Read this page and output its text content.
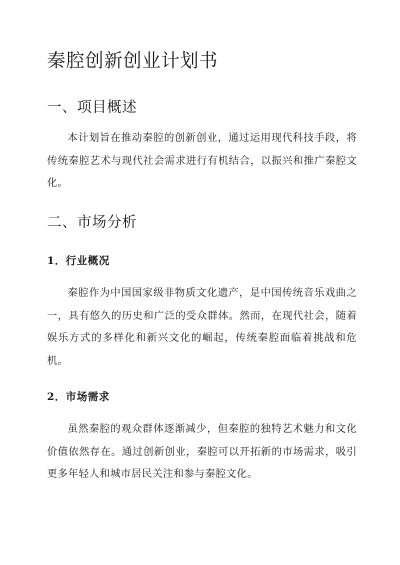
秦腔创新创业计划书
一、项目概述

本计划旨在推动秦腔的创新创业，通过运用现代科技手段，将传统秦腔艺术与现代社会需求进行有机结合，以振兴和推广秦腔文化。

二、市场分析
1．行业概况

秦腔作为中国国家级非物质文化遗产，是中国传统音乐戏曲之一，具有悠久的历史和广泛的受众群体。然而，在现代社会，随着娱乐方式的多样化和新兴文化的崛起，传统秦腔面临着挑战和危机。

2．市场需求

虽然秦腔的观众群体逐渐减少，但秦腔的独特艺术魅力和文化价值依然存在。通过创新创业，秦腔可以开拓新的市场需求，吸引更多年轻人和城市居民关注和参与秦腔文化。
